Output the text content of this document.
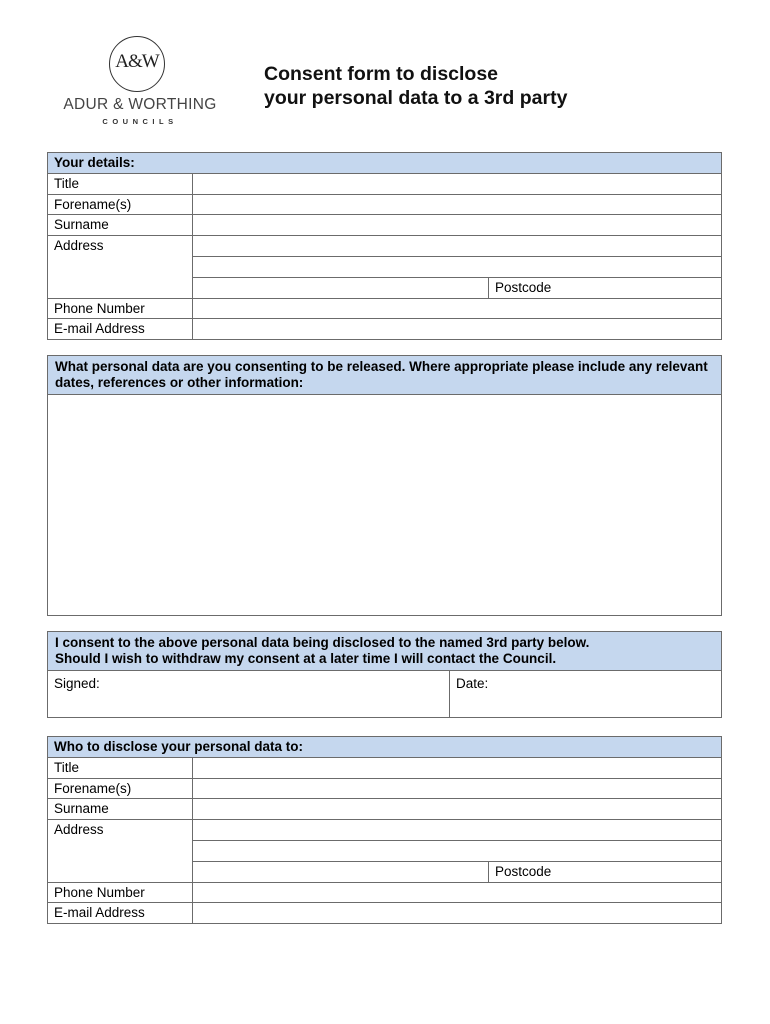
A&W
ADUR & WORTHING
COUNCILS
Consent form to disclose
your personal data to a 3rd party
Your details:		
Title		
Forename(s)		
Surname		
Address		

		Postcode
Phone Number		
E-mail Address		
What personal data are you consenting to be released. Where appropriate please include any relevant dates, references or other information:

I consent to the above personal data being disclosed to the named 3rd party below.
Should I wish to withdraw my consent at a later time I will contact the Council.

Signed:	Date:
Who to disclose your personal data to:		
Title		
Forename(s)		
Surname		
Address		

		Postcode
Phone Number		
E-mail Address		
